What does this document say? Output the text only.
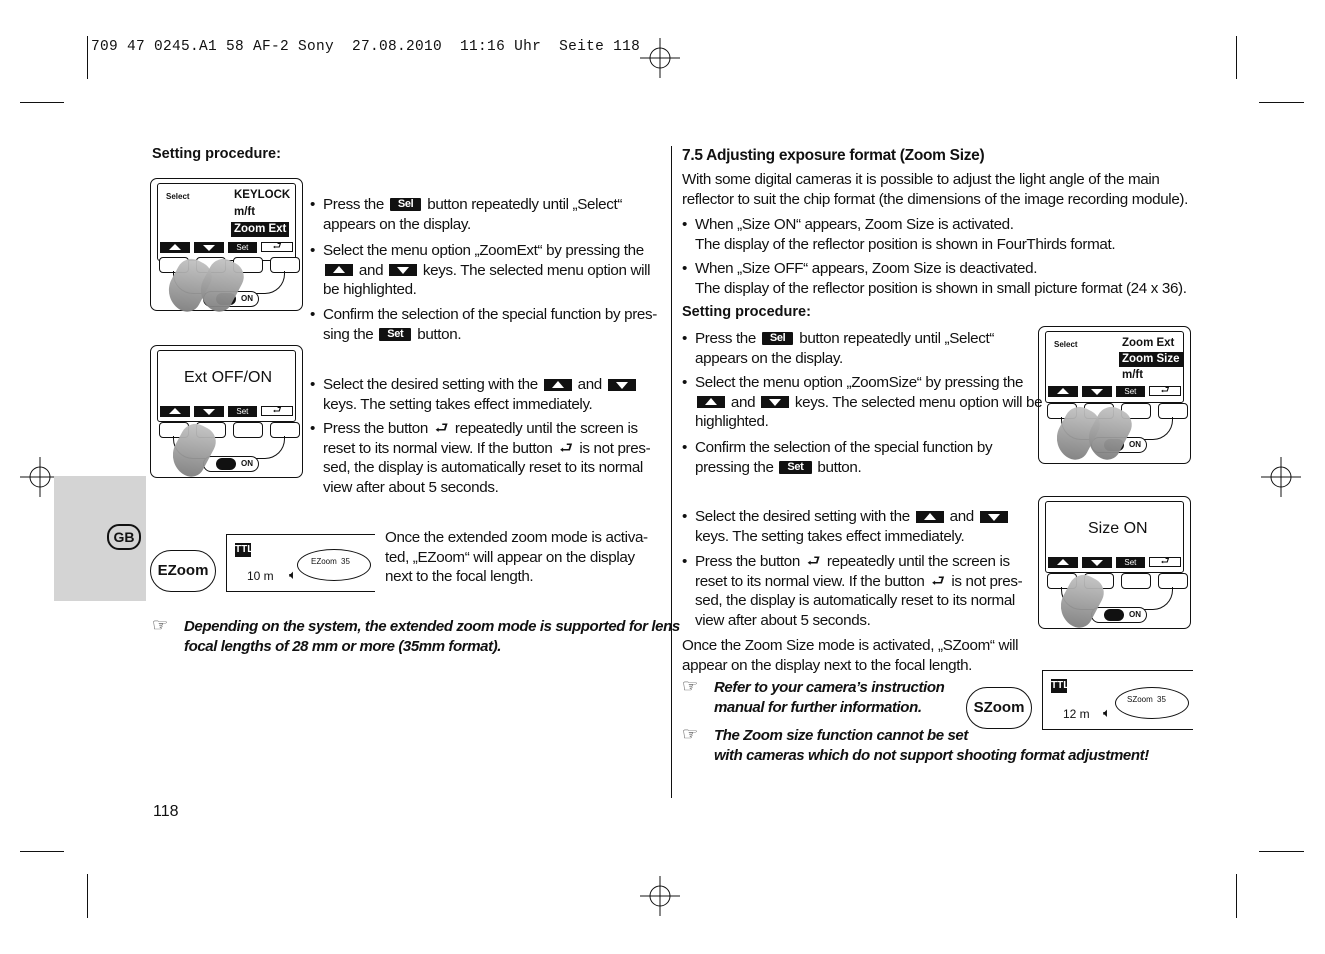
709 47 0245.A1 58 AF-2 Sony  27.08.2010  11:16 Uhr  Seite 118
GB
Setting procedure:
Select	KEYLOCK
m/ft
Zoom Ext
Set	⮐
ON
• Press the Sel button repeatedly until „Select“ appears on the display.
• Select the menu option „ZoomExt“ by pressing the  and	keys. The selected menu option will be highlighted.
• Confirm the selection of the special function by pres-sing the Set button.
Ext OFF/ON
Set	⮐
ON
• Select the desired setting with the	and  keys. The setting takes effect immediately.
• Press the button ⮐ repeatedly until the screen is reset to its normal view. If the button ⮐ is not pres-sed, the display is automatically reset to its normal view after about 5 seconds.
TTL
10 m 🔈︎
EZoom 35
EZoom
Once the extended zoom mode is activa-ted, „EZoom“ will appear on the display next to the focal length.
☞ Depending on the system, the extended zoom mode is supported for lens focal lengths of 28 mm or more (35mm format).
118
7.5 Adjusting exposure format (Zoom Size)
With some digital cameras it is possible to adjust the light angle of the main reflector to suit the chip format (the dimensions of the image recording module).
• When „Size ON“ appears, Zoom Size is activated.
The display of the reflector position is shown in FourThirds format.
• When „Size OFF“ appears, Zoom Size is deactivated.
The display of the reflector position is shown in small picture format (24 x 36).
Setting procedure:
Select	Zoom Ext
Zoom Size
m/ft
Set	⮐
ON
• Press the Sel button repeatedly until „Select“ appears on the display.
• Select the menu option „ZoomSize“ by pressing the  and	keys. The selected menu option will be highlighted.
• Confirm the selection of the special function by pressing the Set button.
Size ON
Set	⮐
ON
• Select the desired setting with the	and  keys. The setting takes effect immediately.
• Press the button ⮐ repeatedly until the screen is reset to its normal view. If the button ⮐ is not pres-sed, the display is automatically reset to its normal view after about 5 seconds.
Once the Zoom Size mode is activated, „SZoom“ will appear on the display next to the focal length.
TTL
12 m 🔈︎
SZoom 35
SZoom
☞ Refer to your camera’s instruction manual for further information.
☞ The Zoom size function cannot be set
with cameras which do not support shooting format adjustment!
